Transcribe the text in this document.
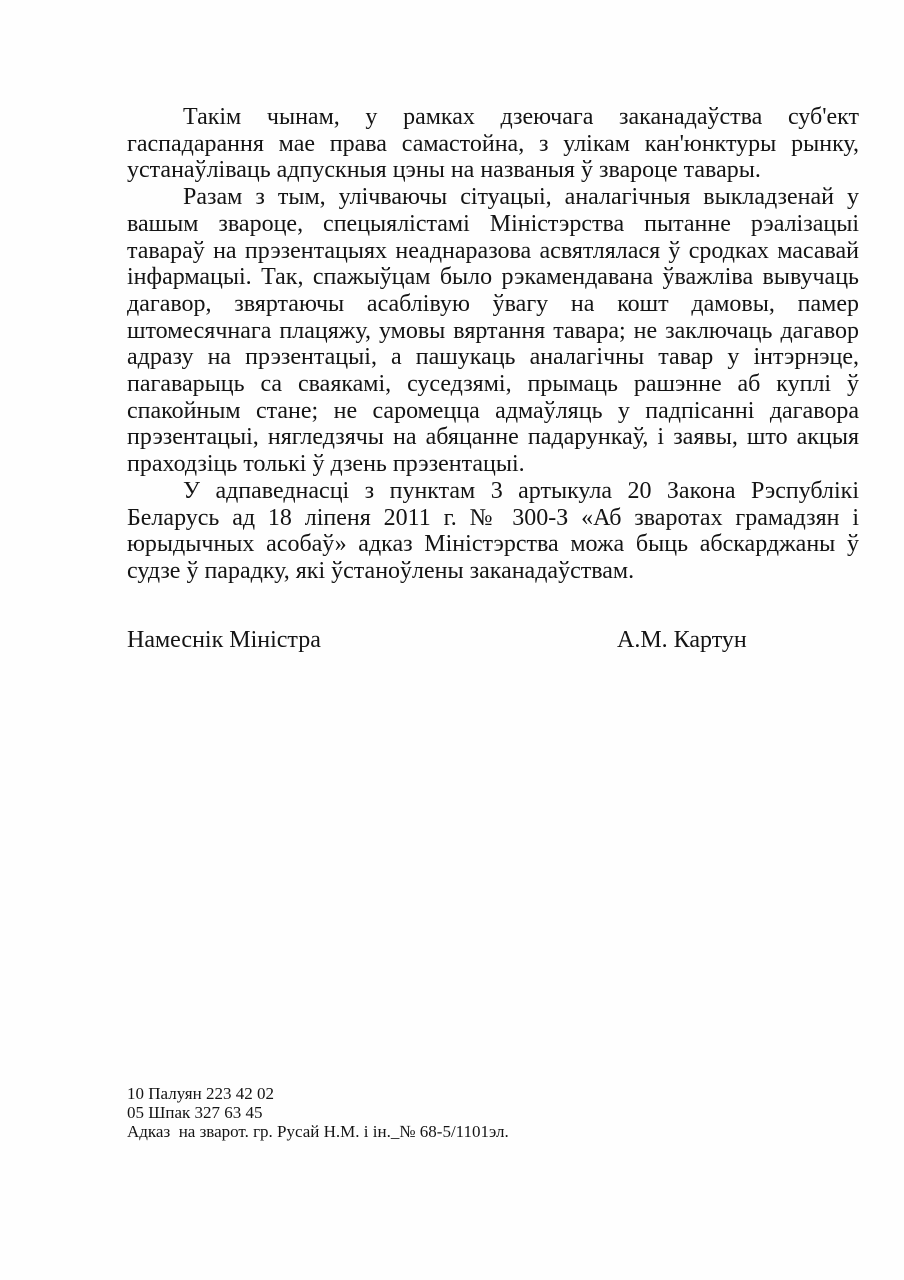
Такім чынам, у рамках дзеючага заканадаўства суб'ект гаспадарання мае права самастойна, з улікам кан'юнктуры рынку, устанаўліваць адпускныя цэны на названыя ў звароце тавары.

Разам з тым, улічваючы сітуацыі, аналагічныя выкладзенай у вашым звароце, спецыялістамі Міністэрства пытанне рэалізацыі тавараў на прэзентацыях неаднаразова асвятлялася ў сродках масавай інфармацыі. Так, спажыўцам было рэкамендавана ўважліва вывучаць дагавор, звяртаючы асаблівую ўвагу на кошт дамовы, памер штомесячнага плацяжу, умовы вяртання тавара; не заключаць дагавор адразу на прэзентацыі, а пашукаць аналагічны тавар у інтэрнэце, пагаварыць са сваякамі, суседзямі, прымаць рашэнне аб куплі ў спакойным стане; не саромецца адмаўляць у падпісанні дагавора прэзентацыі, нягледзячы на абяцанне падарункаў, і заявы, што акцыя праходзіць толькі ў дзень прэзентацыі.

У адпаведнасці з пунктам 3 артыкула 20 Закона Рэспублікі Беларусь ад 18 ліпеня 2011 г. № 300-З «Аб зваротах грамадзян і юрыдычных асобаў» адказ Міністэрства можа быць абскарджаны ў судзе ў парадку, які ўстаноўлены заканадаўствам.

Намеснік Міністра	А.М. Картун
10 Палуян 223 42 02
05 Шпак 327 63 45
Адказ  на зварот. гр. Русай Н.М. і ін._№ 68-5/1101эл.
